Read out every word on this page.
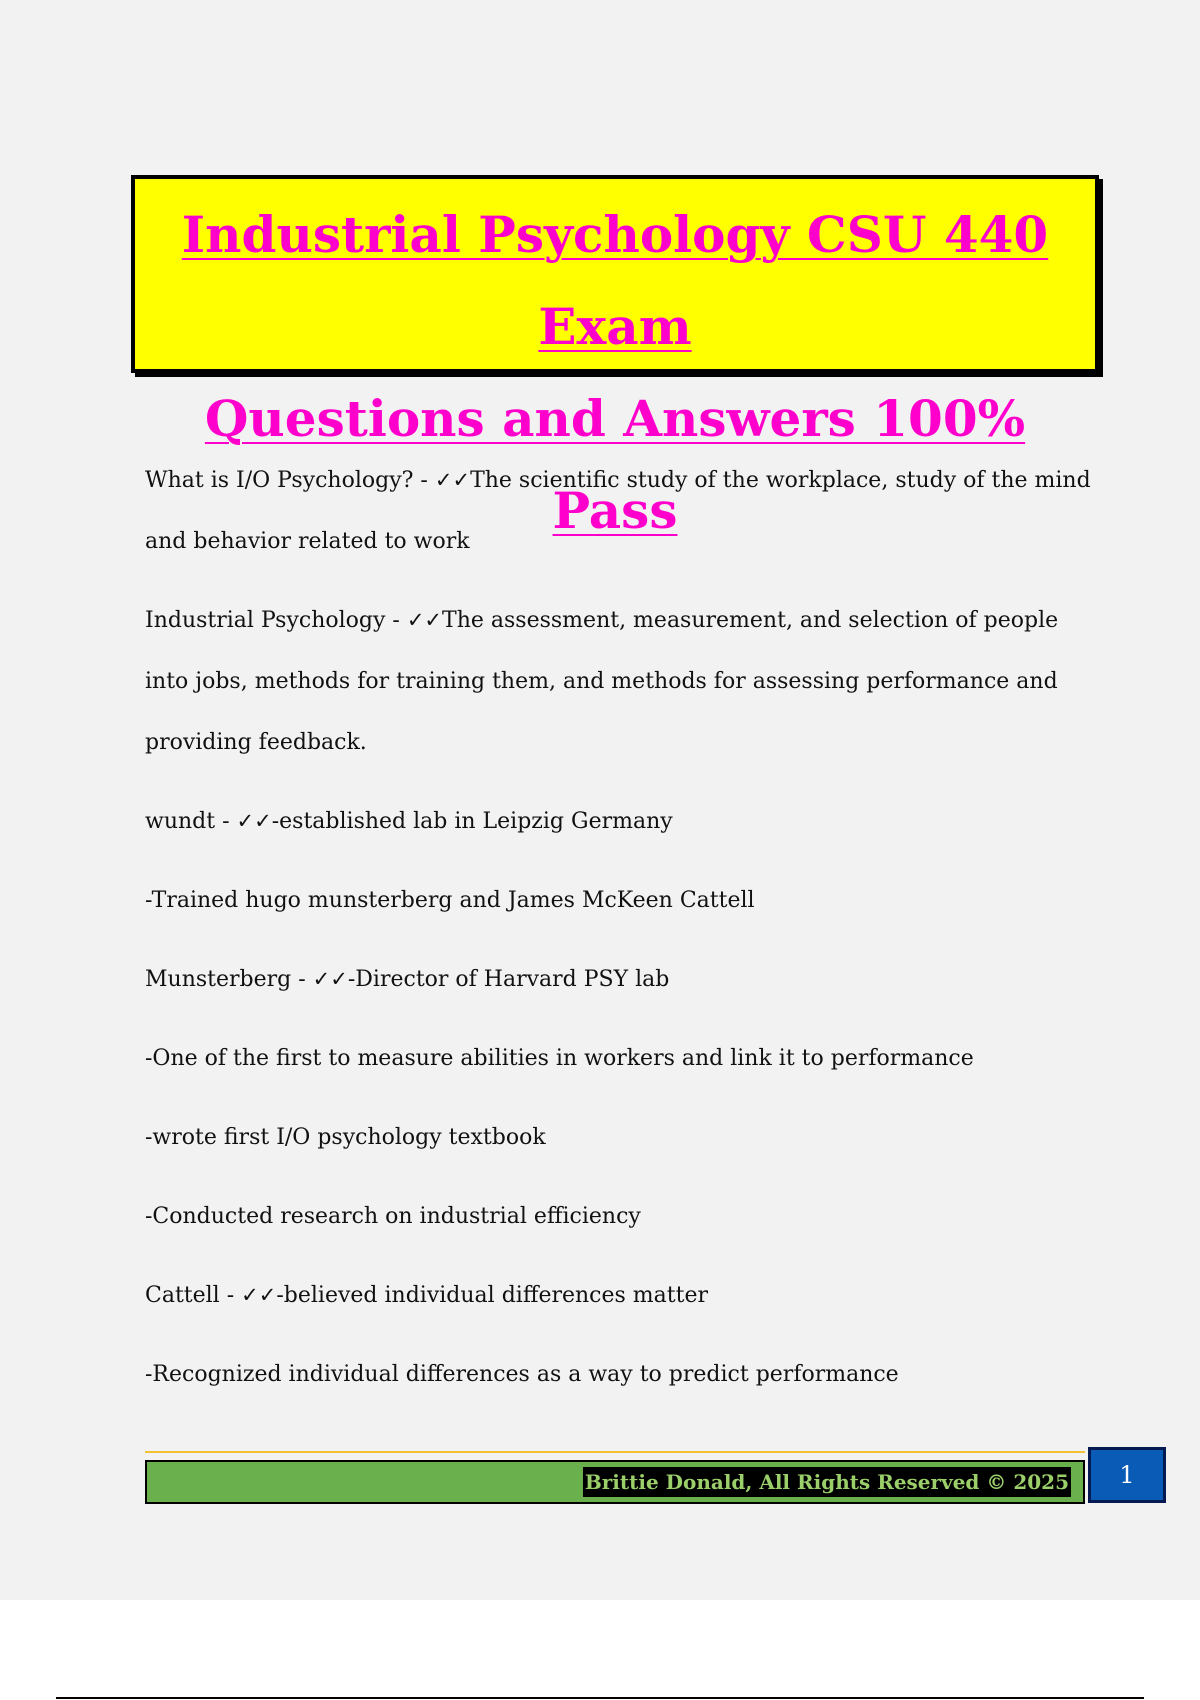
Industrial Psychology CSU 440 Exam
Questions and Answers 100% Pass

What is I/O Psychology? - ✓✓The scientific study of the workplace, study of the mind and behavior related to work

Industrial Psychology - ✓✓The assessment, measurement, and selection of people into jobs, methods for training them, and methods for assessing performance and providing feedback.

wundt - ✓✓-established lab in Leipzig Germany

-Trained hugo munsterberg and James McKeen Cattell

Munsterberg - ✓✓-Director of Harvard PSY lab

-One of the first to measure abilities in workers and link it to performance

-wrote first I/O psychology textbook

-Conducted research on industrial efficiency

Cattell - ✓✓-believed individual differences matter

-Recognized individual differences as a way to predict performance

Brittie Donald, All Rights Reserved © 2025	1
